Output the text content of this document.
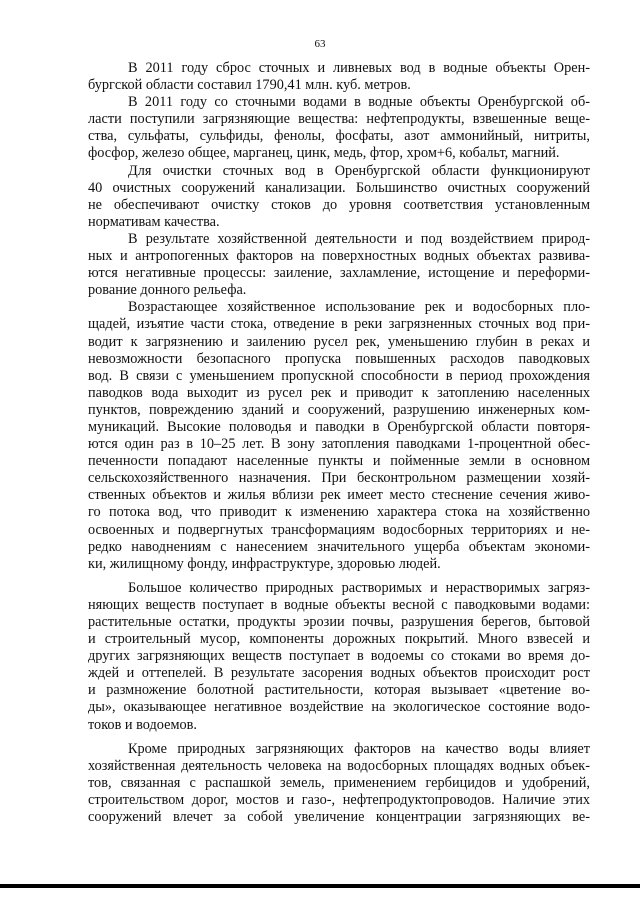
63
В 2011 году сброс сточных и ливневых вод в водные объекты Орен-
бургской области составил 1790,41 млн. куб. метров.
В 2011 году со сточными водами в водные объекты Оренбургской об-
ласти поступили загрязняющие вещества: нефтепродукты, взвешенные веще-
ства, сульфаты, сульфиды, фенолы, фосфаты, азот аммонийный, нитриты,
фосфор, железо общее, марганец, цинк, медь, фтор, хром+6, кобальт, магний.
Для очистки сточных вод в Оренбургской области функционируют
40 очистных сооружений канализации. Большинство очистных сооружений
не обеспечивают очистку стоков до уровня соответствия установленным
нормативам качества.
В результате хозяйственной деятельности и под воздействием природ-
ных и антропогенных факторов на поверхностных водных объектах развива-
ются негативные процессы: заиление, захламление, истощение и переформи-
рование донного рельефа.
Возрастающее хозяйственное использование рек и водосборных пло-
щадей, изъятие части стока, отведение в реки загрязненных сточных вод при-
водит к загрязнению и заилению русел рек, уменьшению глубин в реках и
невозможности безопасного пропуска повышенных расходов паводковых
вод. В связи с уменьшением пропускной способности в период прохождения
паводков вода выходит из русел рек и приводит к затоплению населенных
пунктов, повреждению зданий и сооружений, разрушению инженерных ком-
муникаций. Высокие половодья и паводки в Оренбургской области повторя-
ются один раз в 10–25 лет. В зону затопления паводками 1-процентной обес-
печенности попадают населенные пункты и пойменные земли в основном
сельскохозяйственного назначения. При бесконтрольном размещении хозяй-
ственных объектов и жилья вблизи рек имеет место стеснение сечения живо-
го потока вод, что приводит к изменению характера стока на хозяйственно
освоенных и подвергнутых трансформациям водосборных территориях и не-
редко наводнениям с нанесением значительного ущерба объектам экономи-
ки, жилищному фонду, инфраструктуре, здоровью людей.
Большое количество природных растворимых и нерастворимых загряз-
няющих веществ поступает в водные объекты весной с паводковыми водами:
растительные остатки, продукты эрозии почвы, разрушения берегов, бытовой
и строительный мусор, компоненты дорожных покрытий. Много взвесей и
других загрязняющих веществ поступает в водоемы со стоками во время до-
ждей и оттепелей. В результате засорения водных объектов происходит рост
и размножение болотной растительности, которая вызывает «цветение во-
ды», оказывающее негативное воздействие на экологическое состояние водо-
токов и водоемов.
Кроме природных загрязняющих факторов на качество воды влияет
хозяйственная деятельность человека на водосборных площадях водных объек-
тов, связанная с распашкой земель, применением гербицидов и удобрений,
строительством дорог, мостов и газо-, нефтепродуктопроводов. Наличие этих
сооружений влечет за собой увеличение концентрации загрязняющих ве-
